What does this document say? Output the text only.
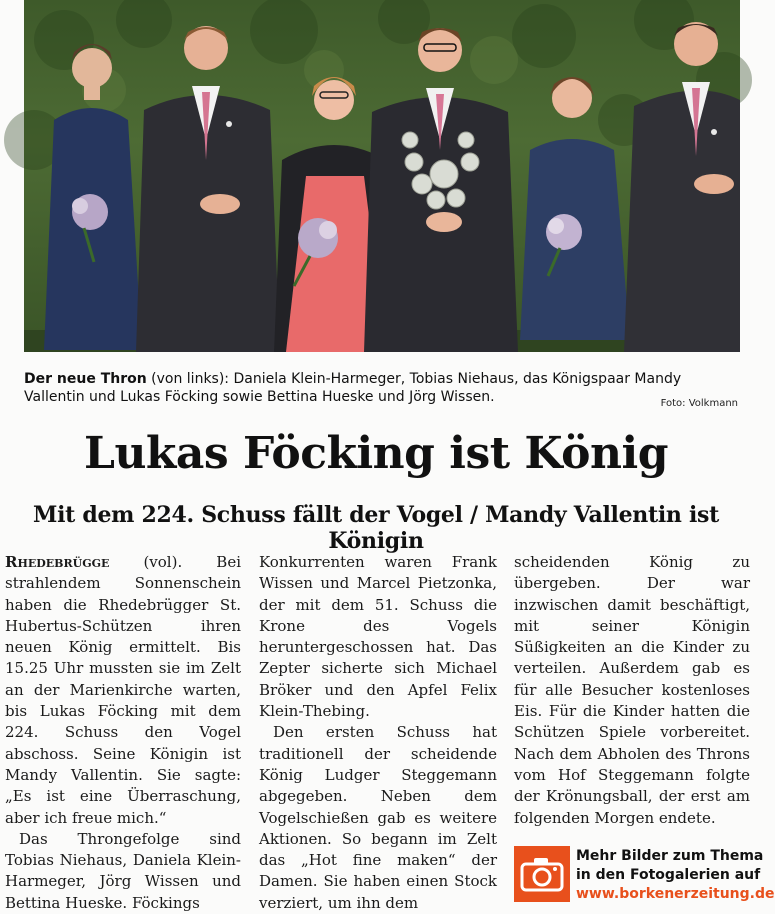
Der neue Thron (von links): Daniela Klein-Harmeger, Tobias Niehaus, das Königspaar Mandy Vallentin und Lukas Föcking sowie Bettina Hueske und Jörg Wissen.	Foto: Volkmann
Lukas Föcking ist König
Mit dem 224. Schuss fällt der Vogel / Mandy Vallentin ist Königin

Rhedebrügge (vol). Bei strahlendem Sonnenschein haben die Rhedebrügger St. Hubertus-Schützen ihren neuen König ermittelt. Bis 15.25 Uhr mussten sie im Zelt an der Marienkirche warten, bis Lukas Föcking mit dem 224. Schuss den Vogel abschoss. Seine Königin ist Mandy Vallentin. Sie sagte: „Es ist eine Überraschung, aber ich freue mich.“

Das Throngefolge sind Tobias Niehaus, Daniela Klein-Harmeger, Jörg Wissen und Bettina Hueske. Föckings

Konkurrenten waren Frank Wissen und Marcel Pietzonka, der mit dem 51. Schuss die Krone des Vogels heruntergeschossen hat. Das Zepter sicherte sich Michael Bröker und den Apfel Felix Klein-Thebing.

Den ersten Schuss hat traditionell der scheidende König Ludger Steggemann abgegeben. Neben dem Vogelschießen gab es weitere Aktionen. So begann im Zelt das „Hot fine maken“ der Damen. Sie haben einen Stock verziert, um ihn dem

scheidenden König zu übergeben. Der war inzwischen damit beschäftigt, mit seiner Königin Süßigkeiten an die Kinder zu verteilen. Außerdem gab es für alle Besucher kostenloses Eis. Für die Kinder hatten die Schützen Spiele vorbereitet. Nach dem Abholen des Throns vom Hof Steggemann folgte der Krönungsball, der erst am folgenden Morgen endete.

Mehr Bilder zum Thema
in den Fotogalerien auf
www.borkenerzeitung.de
